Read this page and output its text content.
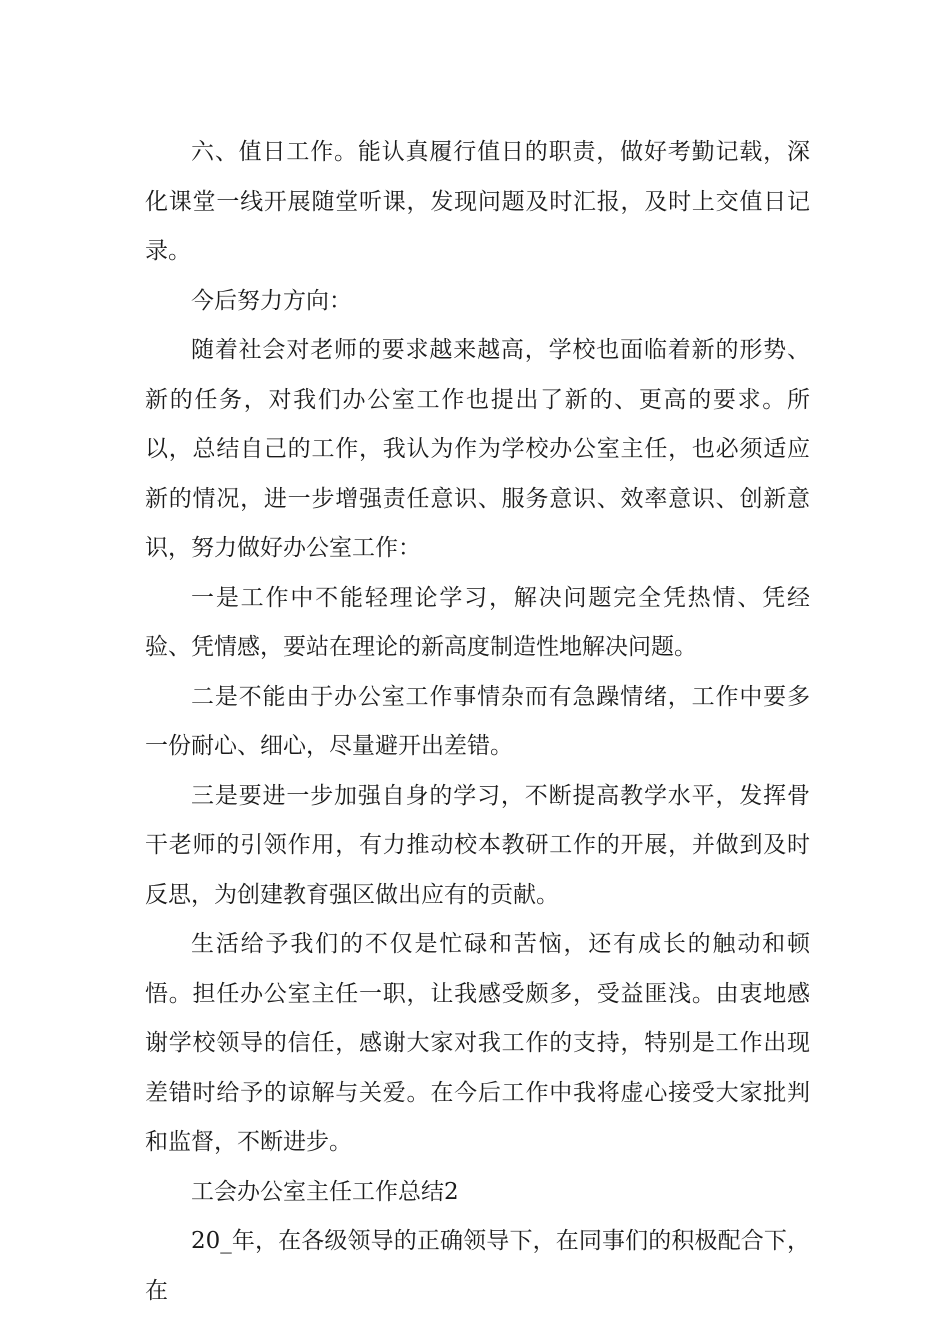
六、值日工作。能认真履行值日的职责，做好考勤记载，深化课堂一线开展随堂听课，发现问题及时汇报，及时上交值日记录。

今后努力方向：

随着社会对老师的要求越来越高，学校也面临着新的形势、新的任务，对我们办公室工作也提出了新的、更高的要求。所以，总结自己的工作，我认为作为学校办公室主任，也必须适应新的情况，进一步增强责任意识、服务意识、效率意识、创新意识，努力做好办公室工作：

一是工作中不能轻理论学习，解决问题完全凭热情、凭经验、凭情感，要站在理论的新高度制造性地解决问题。

二是不能由于办公室工作事情杂而有急躁情绪，工作中要多一份耐心、细心，尽量避开出差错。

三是要进一步加强自身的学习，不断提高教学水平，发挥骨干老师的引领作用，有力推动校本教研工作的开展，并做到及时反思，为创建教育强区做出应有的贡献。

生活给予我们的不仅是忙碌和苦恼，还有成长的触动和顿悟。担任办公室主任一职，让我感受颇多，受益匪浅。由衷地感谢学校领导的信任，感谢大家对我工作的支持，特别是工作出现差错时给予的谅解与关爱。在今后工作中我将虚心接受大家批判和监督，不断进步。

工会办公室主任工作总结2

20_年，在各级领导的正确领导下，在同事们的积极配合下，在
